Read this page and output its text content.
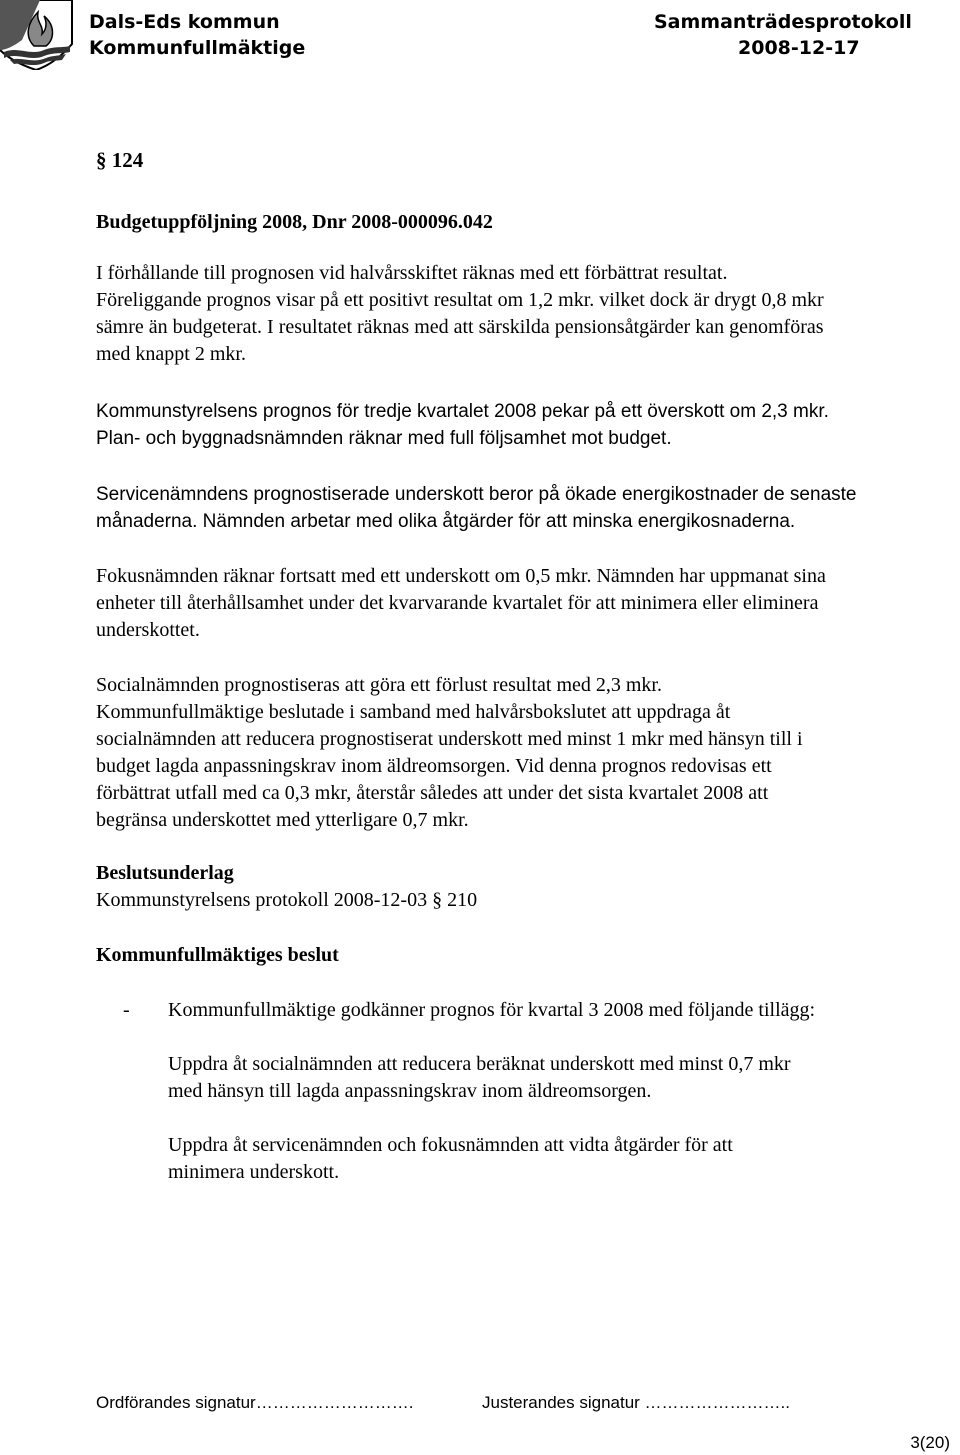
Dals-Eds kommun
Kommunfullmäktige
Sammanträdesprotokoll
2008-12-17

§ 124

Budgetuppföljning 2008, Dnr 2008-000096.042

I förhållande till prognosen vid halvårsskiftet räknas med ett förbättrat resultat.
Föreliggande prognos visar på ett positivt resultat om 1,2 mkr. vilket dock är drygt 0,8 mkr
sämre än budgeterat. I resultatet räknas med att särskilda pensionsåtgärder kan genomföras
med knappt 2 mkr.

Kommunstyrelsens prognos för tredje kvartalet 2008 pekar på ett överskott om 2,3 mkr.
Plan- och byggnadsnämnden räknar med full följsamhet mot budget.

Servicenämndens prognostiserade underskott beror på ökade energikostnader de senaste
månaderna. Nämnden arbetar med olika åtgärder för att minska energikosnaderna.

Fokusnämnden räknar fortsatt med ett underskott om 0,5 mkr. Nämnden har uppmanat sina
enheter till återhållsamhet under det kvarvarande kvartalet för att minimera eller eliminera
underskottet.

Socialnämnden prognostiseras att göra ett förlust resultat med 2,3 mkr.
Kommunfullmäktige beslutade i samband med halvårsbokslutet att uppdraga åt
socialnämnden att reducera prognostiserat underskott med minst 1 mkr med hänsyn till i
budget lagda anpassningskrav inom äldreomsorgen. Vid denna prognos redovisas ett
förbättrat utfall med ca 0,3 mkr, återstår således att under det sista kvartalet 2008 att
begränsa underskottet med ytterligare 0,7 mkr.

Beslutsunderlag
Kommunstyrelsens protokoll 2008-12-03 § 210

Kommunfullmäktiges beslut

- Kommunfullmäktige godkänner prognos för kvartal 3 2008 med följande tillägg:

Uppdra åt socialnämnden att reducera beräknat underskott med minst 0,7 mkr
med hänsyn till lagda anpassningskrav inom äldreomsorgen.

Uppdra åt servicenämnden och fokusnämnden att vidta åtgärder för att
minimera underskott.

Ordförandes signatur……………………….	Justerandes signatur ……………………..
3(20)
